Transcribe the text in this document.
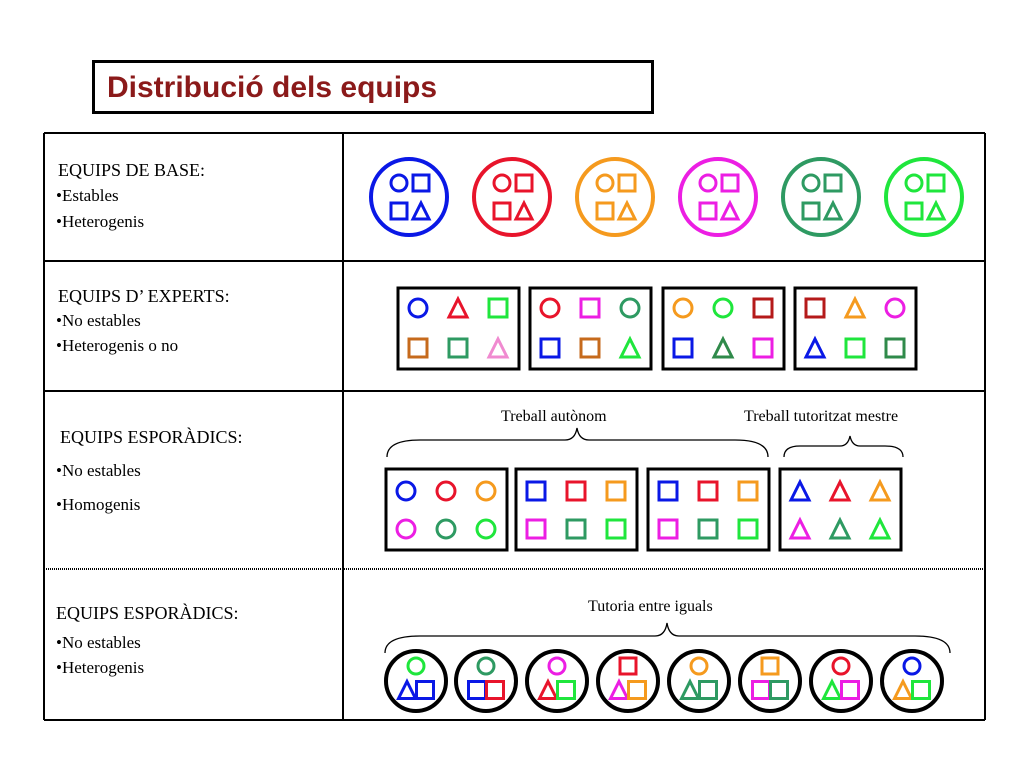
Distribució dels equips
EQUIPS DE BASE:
•Estables
•Heterogenis
EQUIPS D’ EXPERTS:
•No estables
•Heterogenis o no
EQUIPS ESPORÀDICS:
•No estables
•Homogenis
Treball autònom	Treball tutoritzat mestre
EQUIPS ESPORÀDICS:
•No estables
•Heterogenis
Tutoria entre iguals
